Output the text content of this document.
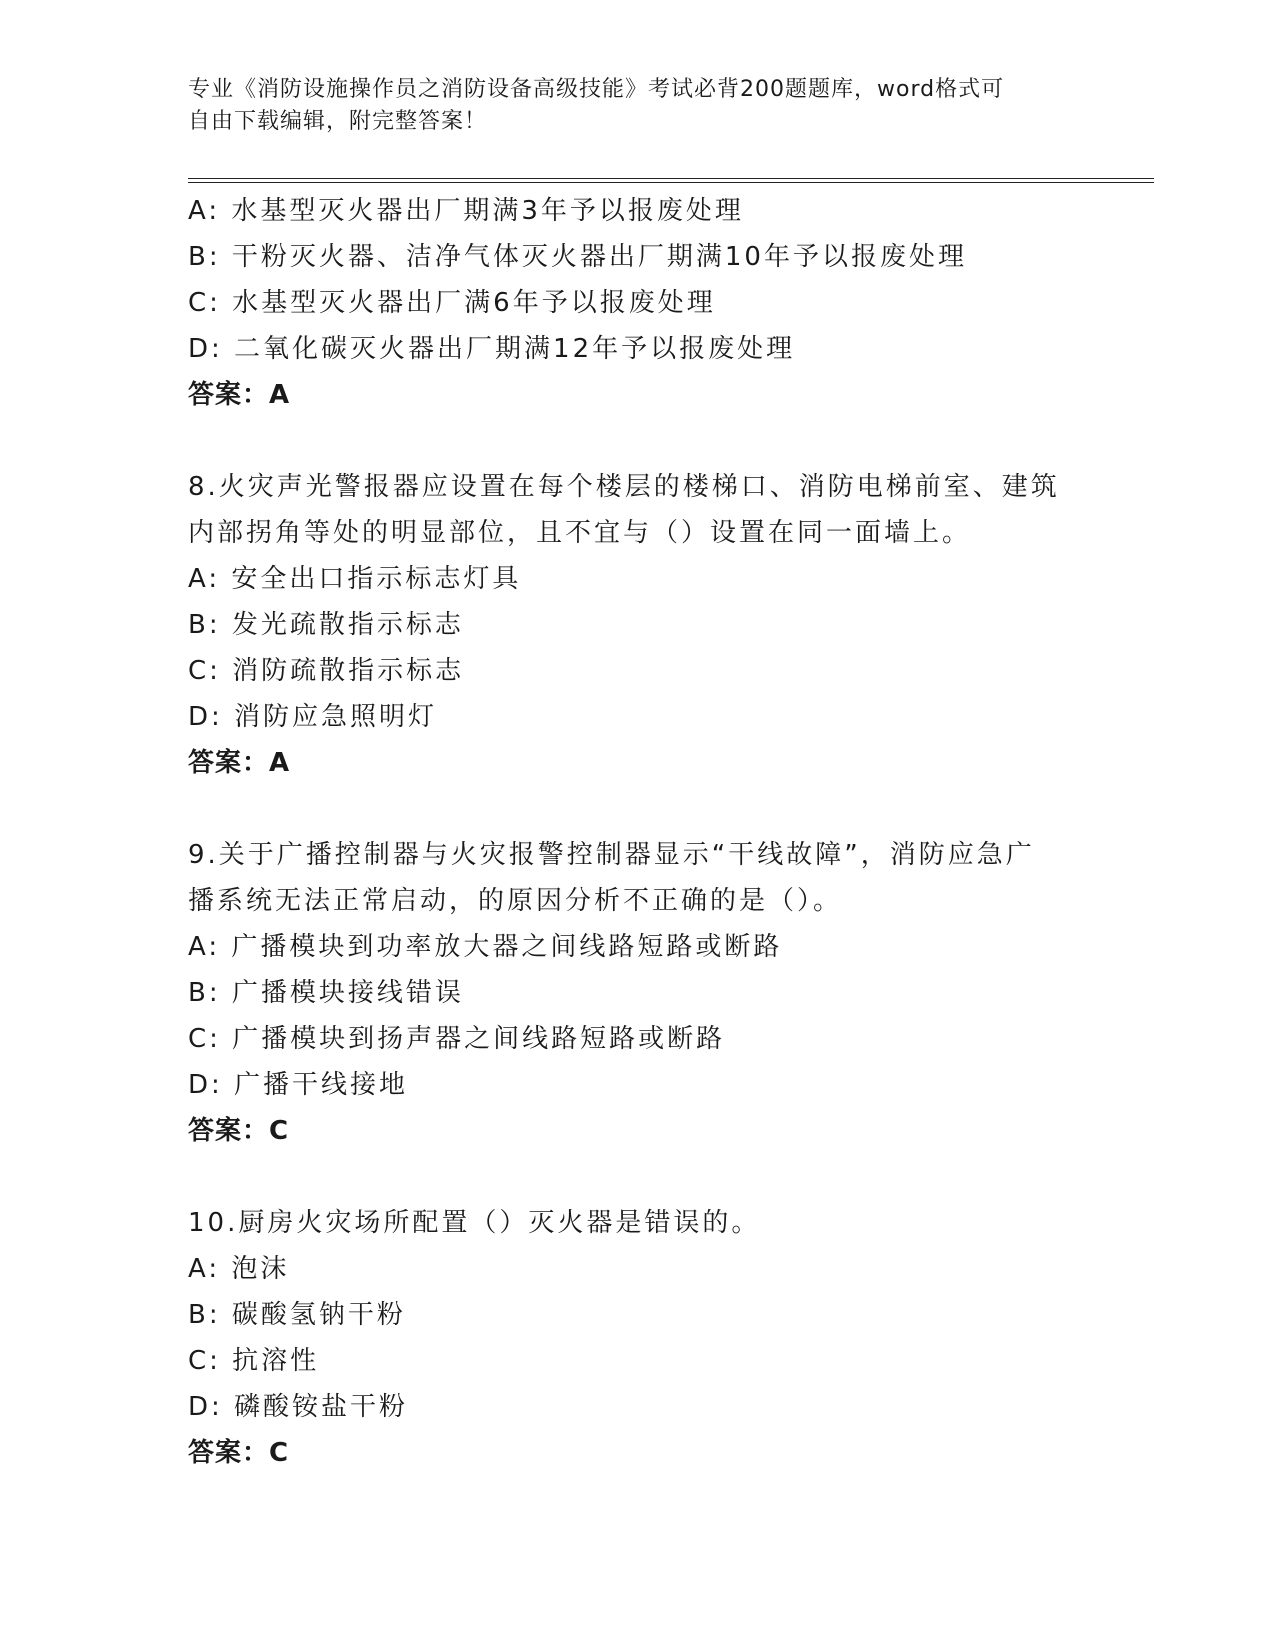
专业《消防设施操作员之消防设备高级技能》考试必背200题题库，word格式可
自由下载编辑，附完整答案！
A: 水基型灭火器出厂期满3年予以报废处理
B: 干粉灭火器、洁净气体灭火器出厂期满10年予以报废处理
C: 水基型灭火器出厂满6年予以报废处理
D: 二氧化碳灭火器出厂期满12年予以报废处理
答案：A
8.火灾声光警报器应设置在每个楼层的楼梯口、消防电梯前室、建筑
内部拐角等处的明显部位，且不宜与（）设置在同一面墙上。
A: 安全出口指示标志灯具
B: 发光疏散指示标志
C: 消防疏散指示标志
D: 消防应急照明灯
答案：A
9.关于广播控制器与火灾报警控制器显示“干线故障”，消防应急广
播系统无法正常启动，的原因分析不正确的是（）。
A: 广播模块到功率放大器之间线路短路或断路
B: 广播模块接线错误
C: 广播模块到扬声器之间线路短路或断路
D: 广播干线接地
答案：C
10.厨房火灾场所配置（）灭火器是错误的。
A: 泡沫
B: 碳酸氢钠干粉
C: 抗溶性
D: 磷酸铵盐干粉
答案：C
